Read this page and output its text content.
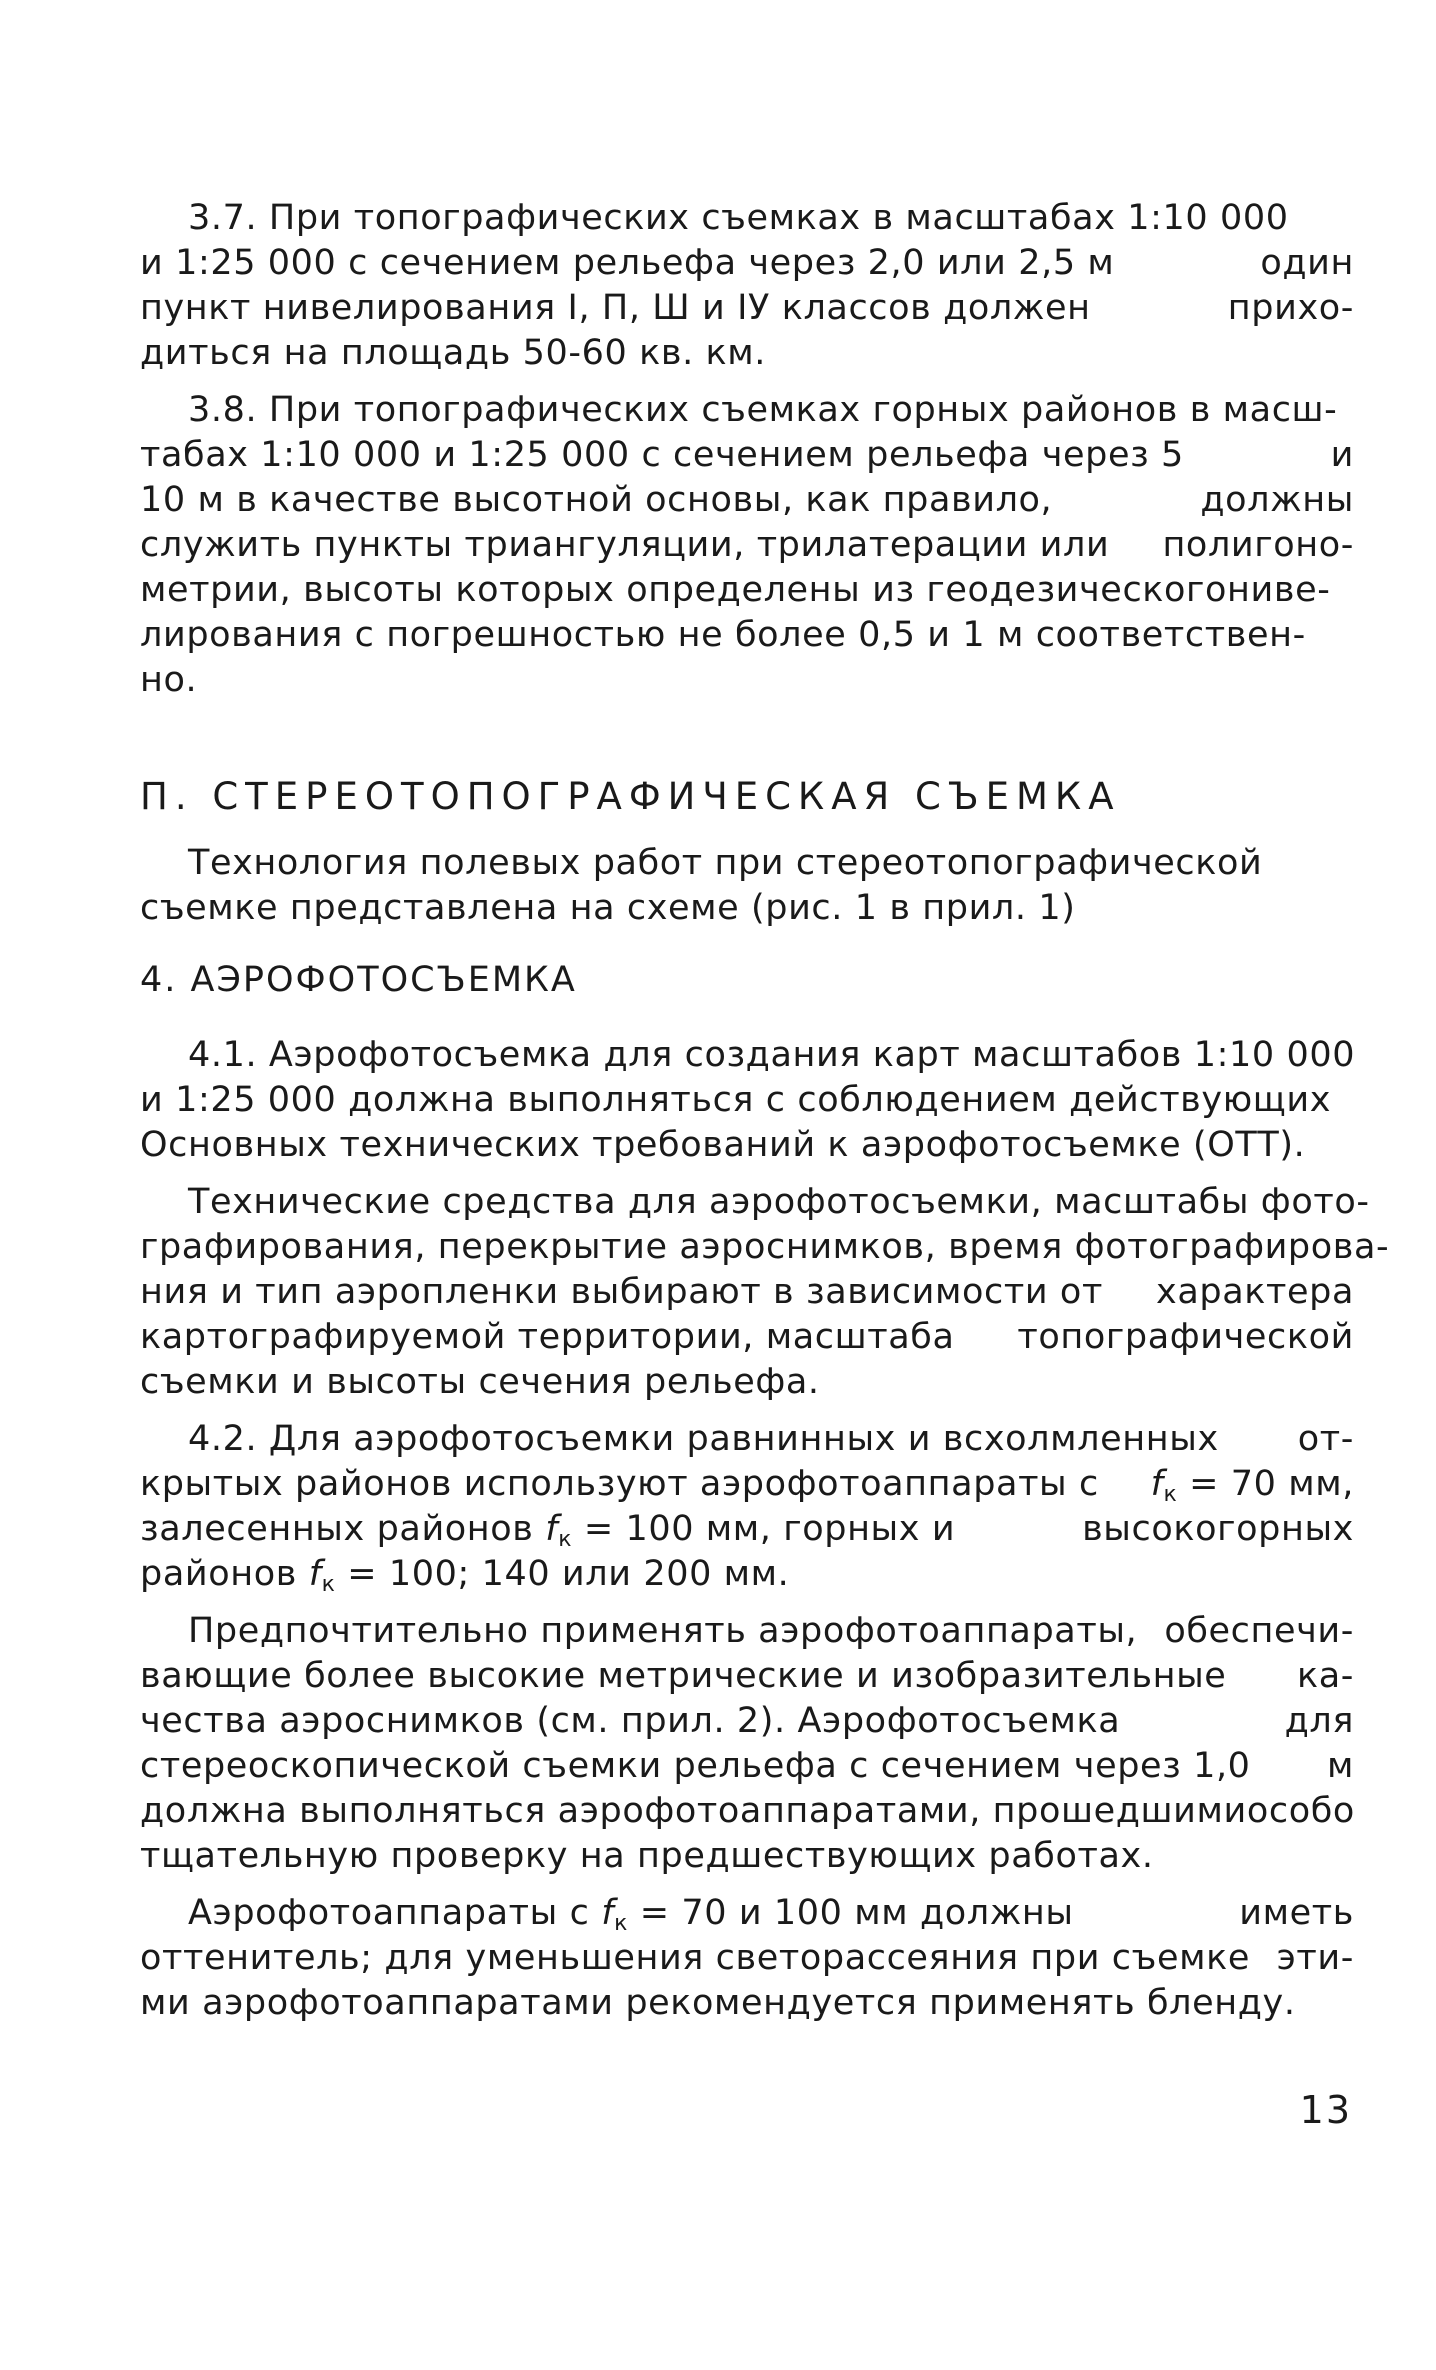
3.7. При топографических съемках в масштабах 1:10 000
и 1:25 000 с сечением рельефа через 2,0 или 2,5 м	один
пункт нивелирования I, П, Ш и IУ классов должен	прихо-
диться на площадь 50-60 кв. км.
3.8. При топографических съемках горных районов в масш-
табах 1:10 000 и 1:25 000 с сечением рельефа через 5	и
10 м в качестве высотной основы, как правило,	должны
служить пункты триангуляции, трилатерации или полигоно-
метрии, высоты которых определены из геодезическогониве-
лирования с погрешностью не более 0,5 и 1 м соответствен-
но.
П. СТЕРЕОТОПОГРАФИЧЕСКАЯ СЪЕМКА
Технология полевых работ при стереотопографической
съемке представлена на схеме (рис. 1 в прил. 1)
4. АЭРОФОТОСЪЕМКА
4.1. Аэрофотосъемка для создания карт масштабов 1:10 000
и 1:25 000 должна выполняться с соблюдением действующих
Основных технических требований к аэрофотосъемке (ОТТ).
Технические средства для аэрофотосъемки, масштабы фото-
графирования, перекрытие аэроснимков, время фотографирова-
ния и тип аэропленки выбирают в зависимости от характера
картографируемой территории, масштаба топографической
съемки и высоты сечения рельефа.
4.2. Для аэрофотосъемки равнинных и всхолмленных от-
крытых районов используют аэрофотоаппараты с $f_к = 70$ мм,
залесенных районов $f_к = 100$ мм, горных и	высокогорных
районов $f_к = 100$; 140 или 200 мм.
Предпочтительно применять аэрофотоаппараты, обеспечи-
вающие более высокие метрические и изобразительные ка-
чества аэроснимков (см. прил. 2). Аэрофотосъемка	для
стереоскопической съемки рельефа с сечением через 1,0 м
должна выполняться аэрофотоаппаратами, прошедшими особо
тщательную проверку на предшествующих работах.
Аэрофотоаппараты с $f_к = 70$ и 100 мм должны	иметь
оттенитель; для уменьшения светорассеяния при съемке эти-
ми аэрофотоаппаратами рекомендуется применять бленду.
13
